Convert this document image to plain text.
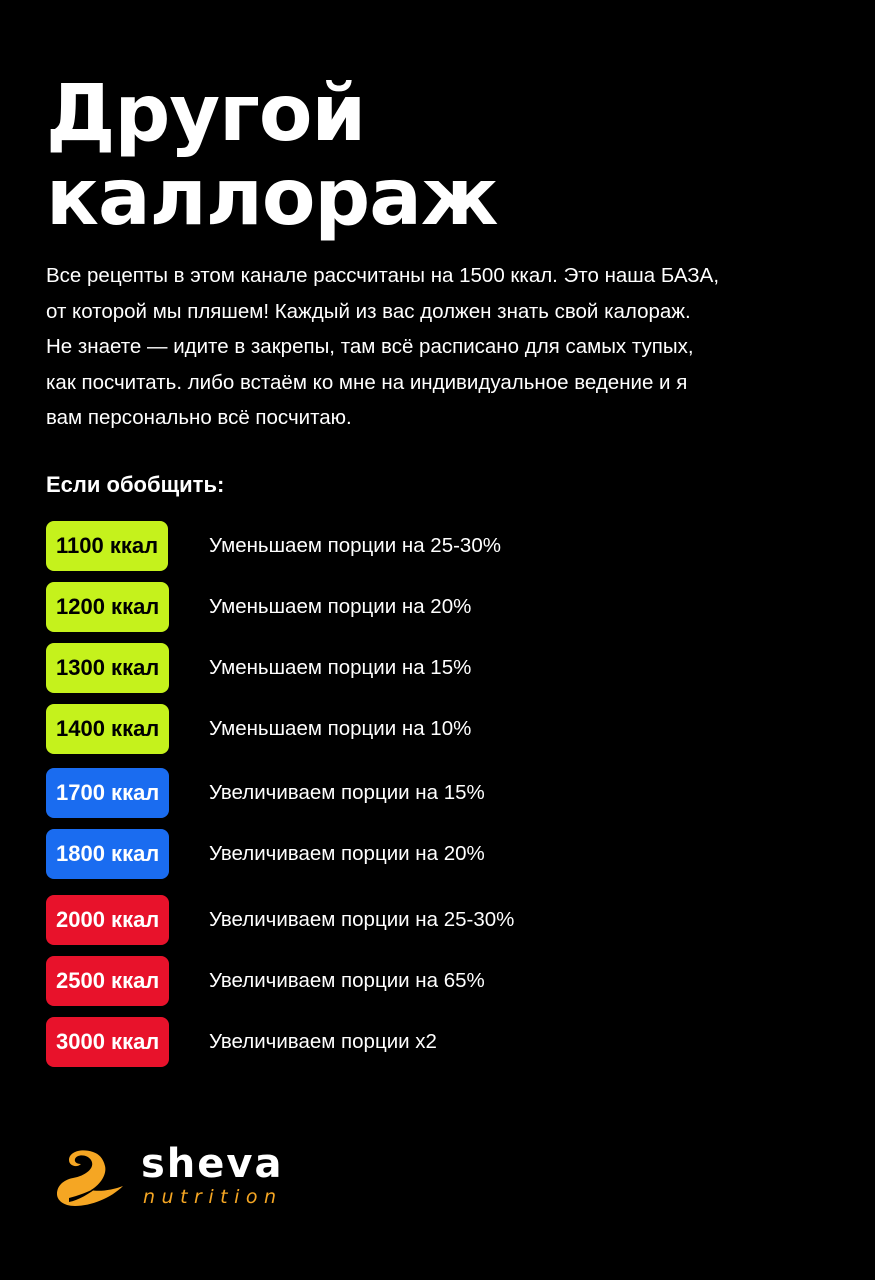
Другой
каллораж

Все рецепты в этом канале рассчитаны на 1500 ккал. Это наша БАЗА,
от которой мы пляшем! Каждый из вас должен знать свой калораж.
Не знаете — идите в закрепы, там всё расписано для самых тупых,
как посчитать. либо встаём ко мне на индивидуальное ведение и я
вам персонально всё посчитаю.

Если обобщить:
1100 ккал	Уменьшаем порции на 25-30%
1200 ккал	Уменьшаем порции на 20%
1300 ккал	Уменьшаем порции на 15%
1400 ккал	Уменьшаем порции на 10%
1700 ккал	Увеличиваем порции на 15%
1800 ккал	Увеличиваем порции на 20%
2000 ккал	Увеличиваем порции на 25-30%
2500 ккал	Увеличиваем порции на 65%
3000 ккал	Увеличиваем порции х2
sheva
nutrition
